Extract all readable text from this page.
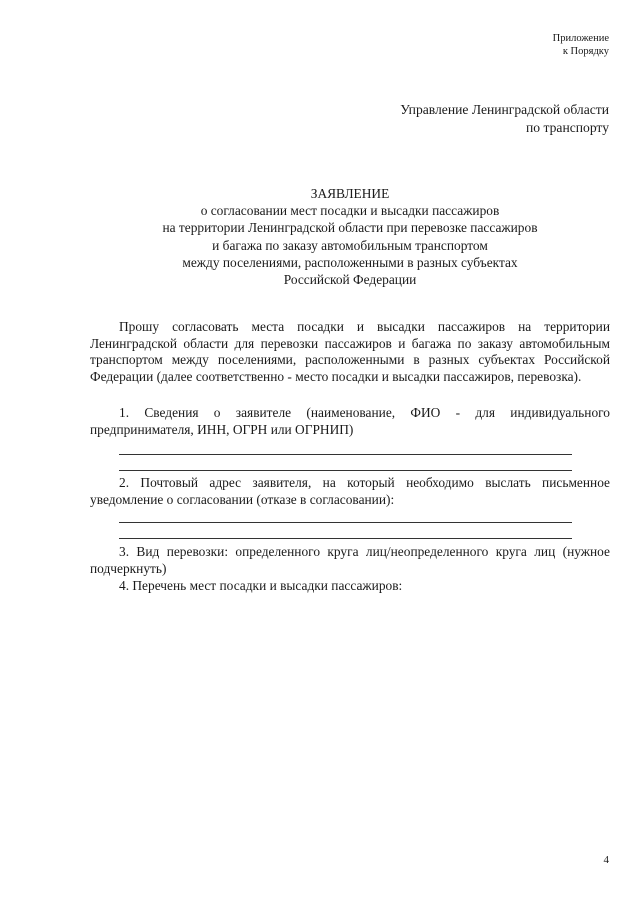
Приложение
к Порядку
Управление Ленинградской области
по транспорту
ЗАЯВЛЕНИЕ
о согласовании мест посадки и высадки пассажиров
на территории Ленинградской области при перевозке пассажиров
и багажа по заказу автомобильным транспортом
между поселениями, расположенными в разных субъектах
Российской Федерации
Прошу согласовать места посадки и высадки пассажиров на территории Ленинградской области для перевозки пассажиров и багажа по заказу автомобильным транспортом между поселениями, расположенными в разных субъектах Российской Федерации (далее соответственно - место посадки и высадки пассажиров, перевозка).
1. Сведения о заявителе (наименование, ФИО - для индивидуального предпринимателя, ИНН, ОГРН или ОГРНИП)
2. Почтовый адрес заявителя, на который необходимо выслать письменное уведомление о согласовании (отказе в согласовании):
3. Вид перевозки: определенного круга лиц/неопределенного круга лиц (нужное подчеркнуть)
4. Перечень мест посадки и высадки пассажиров:
4
